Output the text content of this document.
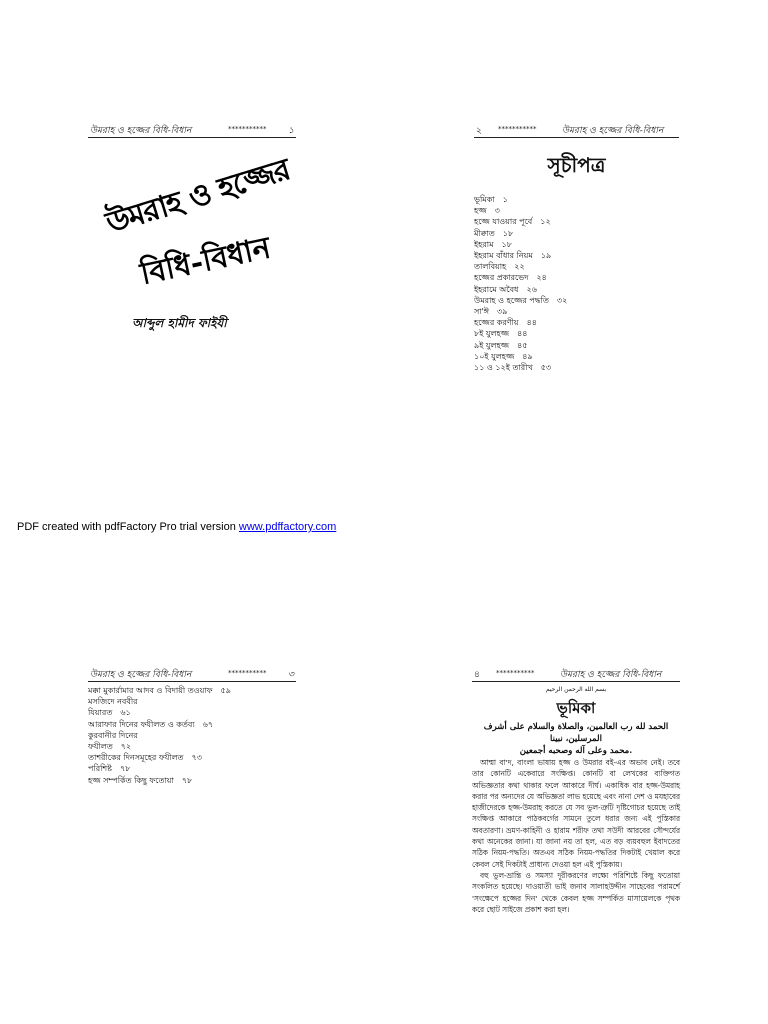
উমরাহ ও হজ্জের বিধি-বিধান	*********** ১
উমরাহ ও হজ্জের
বিধি-বিধান
আব্দুল হামীদ ফাইযী
২ ***********	উমরাহ ও হজ্জের বিধি-বিধান
সূচীপত্র
ভূমিকা ১
হজ্জ ৩
হজ্জে যাওয়ার পূর্বে ১২
মীক্বাত ১৮
ইহরাম ১৮
ইহরাম বাঁধার নিয়ম ১৯
তালবিয়াহ ২২
হজ্জের প্রকারভেদ ২৪
ইহরামে অবৈধ ২৬
উমরাহ ও হজ্জের পদ্ধতি ৩২
সা'ঈ ৩৯
হজ্জের করণীয় ৪৪
৮ই যুলহজ্জ ৪৪
৯ই যুলহজ্জ ৪৫
১০ই যুলহজ্জ ৪৯
১১ ও ১২ই তারীখ ৫৩
PDF created with pdfFactory Pro trial version www.pdffactory.com
উমরাহ ও হজ্জের বিধি-বিধান	*********** ৩
মক্কা মুকার্রামার আদব ও বিদায়ী তওয়াফ ৫৯
মসজিদে নববীর
যিয়ারত ৬১
আরাফার দিনের ফযীলত ও কর্তব্য ৬৭
কুরবানীর দিনের
ফযীলত ৭২
তাশরীকের দিনসমূহের ফযীলত ৭৩
পরিশিষ্ট ৭৮
হজ্জ সম্পর্কিত কিছু ফতোয়া ৭৮
৪ ***********	উমরাহ ও হজ্জের বিধি-বিধান
بسم الله الرحمن الرحيم
ভূমিকা

الحمد لله رب العالمين، والصلاة والسلام على أشرف المرسلين، نبينا

محمد وعلى آله وصحبه أجمعين.

আম্মা বা'দ, বাংলা ভাষায় হজ্জ ও উমরার বই-এর অভাব নেই। তবে তার কোনটি একেবারে সংক্ষিপ্ত। কোনটি বা লেখকের ব্যক্তিগত অভিজ্ঞতার কথা থাকার ফলে আকারে দীর্ঘ। একাধিক বার হজ্জ-উমরাহ করার পর অন্যদের যে অভিজ্ঞতা লাভ হয়েছে এবং নানা দেশ ও মযহাবের হাজীদেরকে হজ্জ-উমরাহ করতে যে সব ভুল-ত্রুটি দৃষ্টিগোচর হয়েছে তাই সংক্ষিপ্ত আকারে পাঠকবর্গের সামনে তুলে ধরার জন্য এই পুস্তিকার অবতারণা। ভ্রমণ-কাহিনী ও হারাম শরীফ তথা সউদী আরবের সৌন্দর্যের কথা অনেকের জানা। যা জানা নয় তা হল, এত বড় ব্যয়বহুল ইবাদতের সঠিক নিয়ম-পদ্ধতি। অতএব সঠিক নিয়ম-পদ্ধতির দিকটাই খেয়াল করে কেবল সেই দিকটাই প্রাধান্য দেওয়া হল এই পুস্তিকায়।

বহু ভুল-ভ্রান্তি ও সমস্যা দূরীকরণের লক্ষ্যে পরিশিষ্টে কিছু ফতোয়া সংকলিত হয়েছে। দাওয়াতী ভাই জনাব সালাহউদ্দীন সাহেবের পরামর্শে 'সংক্ষেপে হজ্জের দিন' থেকে কেবল হজ্জ সম্পর্কিত মাসায়েলকে পৃথক করে ছোট সাইজে প্রকাশ করা হল।
